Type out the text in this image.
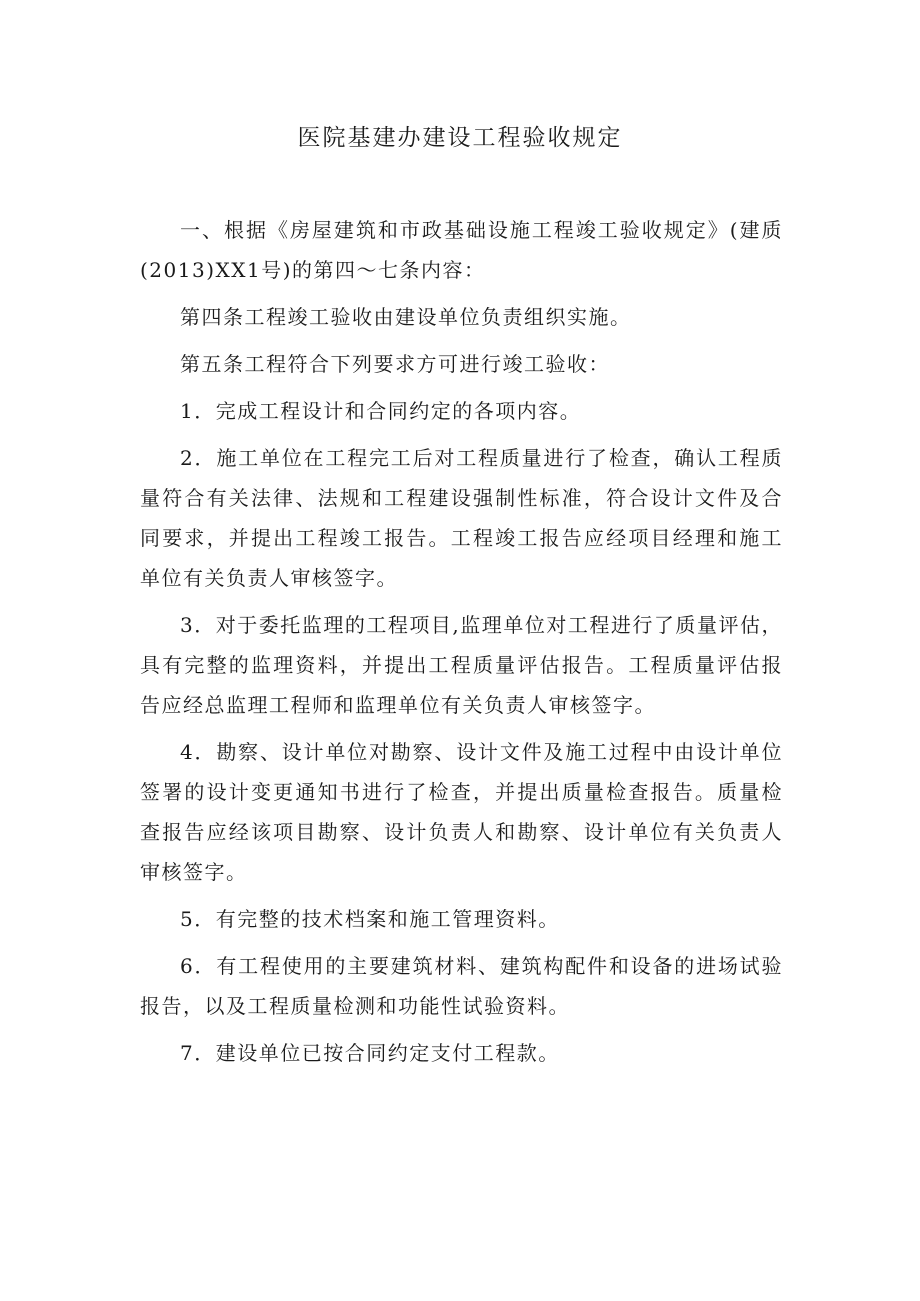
医院基建办建设工程验收规定

一、根据《房屋建筑和市政基础设施工程竣工验收规定》(建质(2013)XX1号)的第四～七条内容：

第四条工程竣工验收由建设单位负责组织实施。

第五条工程符合下列要求方可进行竣工验收：

1．完成工程设计和合同约定的各项内容。

2．施工单位在工程完工后对工程质量进行了检查，确认工程质量符合有关法律、法规和工程建设强制性标准，符合设计文件及合同要求，并提出工程竣工报告。工程竣工报告应经项目经理和施工单位有关负责人审核签字。

3．对于委托监理的工程项目,监理单位对工程进行了质量评估，具有完整的监理资料，并提出工程质量评估报告。工程质量评估报告应经总监理工程师和监理单位有关负责人审核签字。

4．勘察、设计单位对勘察、设计文件及施工过程中由设计单位签署的设计变更通知书进行了检查，并提出质量检查报告。质量检查报告应经该项目勘察、设计负责人和勘察、设计单位有关负责人审核签字。

5．有完整的技术档案和施工管理资料。

6．有工程使用的主要建筑材料、建筑构配件和设备的进场试验报告，以及工程质量检测和功能性试验资料。

7．建设单位已按合同约定支付工程款。
